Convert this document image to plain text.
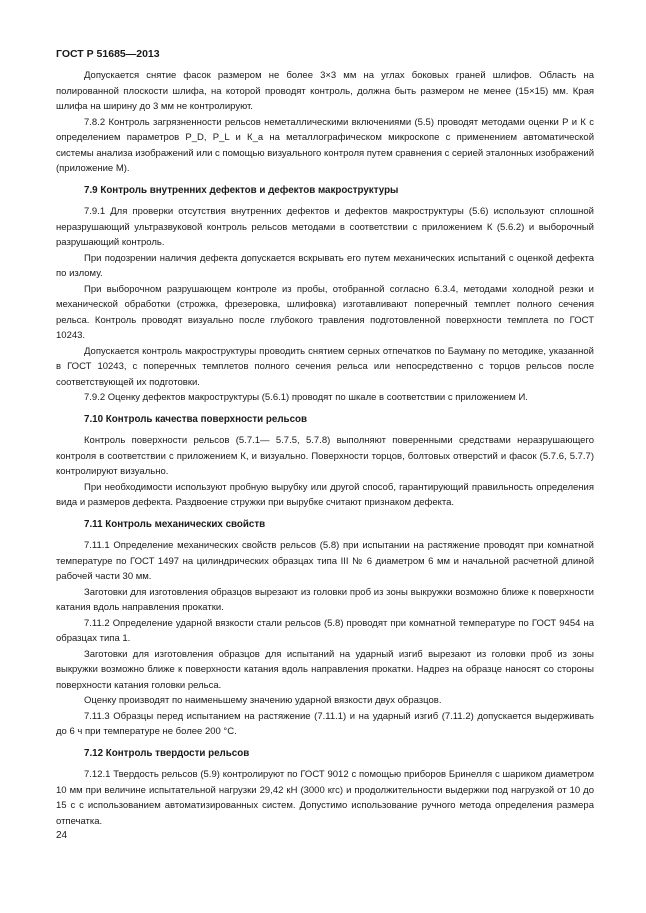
ГОСТ Р 51685—2013

Допускается снятие фасок размером не более 3×3 мм на углах боковых граней шлифов. Область на полированной плоскости шлифа, на которой проводят контроль, должна быть размером не менее (15×15) мм. Края шлифа на ширину до 3 мм не контролируют.

7.8.2 Контроль загрязненности рельсов неметаллическими включениями (5.5) проводят методами оценки Р и К с определением параметров Р_D, Р_L и К_a на металлографическом микроскопе с применением автоматической системы анализа изображений или с помощью визуального контроля путем сравнения с серией эталонных изображений (приложение М).

7.9 Контроль внутренних дефектов и дефектов макроструктуры

7.9.1 Для проверки отсутствия внутренних дефектов и дефектов макроструктуры (5.6) используют сплошной неразрушающий ультразвуковой контроль рельсов методами в соответствии с приложением К (5.6.2) и выборочный разрушающий контроль.

При подозрении наличия дефекта допускается вскрывать его путем механических испытаний с оценкой дефекта по излому.

При выборочном разрушающем контроле из пробы, отобранной согласно 6.3.4, методами холодной резки и механической обработки (строжка, фрезеровка, шлифовка) изготавливают поперечный темплет полного сечения рельса. Контроль проводят визуально после глубокого травления подготовленной поверхности темплета по ГОСТ 10243.

Допускается контроль макроструктуры проводить снятием серных отпечатков по Бауману по методике, указанной в ГОСТ 10243, с поперечных темплетов полного сечения рельса или непосредственно с торцов рельсов после соответствующей их подготовки.

7.9.2 Оценку дефектов макроструктуры (5.6.1) проводят по шкале в соответствии с приложением И.

7.10 Контроль качества поверхности рельсов

Контроль поверхности рельсов (5.7.1— 5.7.5, 5.7.8) выполняют поверенными средствами неразрушающего контроля в соответствии с приложением К, и визуально. Поверхности торцов, болтовых отверстий и фасок (5.7.6, 5.7.7) контролируют визуально.

При необходимости используют пробную вырубку или другой способ, гарантирующий правильность определения вида и размеров дефекта. Раздвоение стружки при вырубке считают признаком дефекта.

7.11 Контроль механических свойств

7.11.1 Определение механических свойств рельсов (5.8) при испытании на растяжение проводят при комнатной температуре по ГОСТ 1497 на цилиндрических образцах типа III № 6 диаметром 6 мм и начальной расчетной длиной рабочей части 30 мм.

Заготовки для изготовления образцов вырезают из головки проб из зоны выкружки возможно ближе к поверхности катания вдоль направления прокатки.

7.11.2 Определение ударной вязкости стали рельсов (5.8) проводят при комнатной температуре по ГОСТ 9454 на образцах типа 1.

Заготовки для изготовления образцов для испытаний на ударный изгиб вырезают из головки проб из зоны выкружки возможно ближе к поверхности катания вдоль направления прокатки. Надрез на образце наносят со стороны поверхности катания головки рельса.

Оценку производят по наименьшему значению ударной вязкости двух образцов.

7.11.3 Образцы перед испытанием на растяжение (7.11.1) и на ударный изгиб (7.11.2) допускается выдерживать до 6 ч при температуре не более 200 °С.

7.12 Контроль твердости рельсов

7.12.1 Твердость рельсов (5.9) контролируют по ГОСТ 9012 с помощью приборов Бринелля с шариком диаметром 10 мм при величине испытательной нагрузки 29,42 кН (3000 кгс) и продолжительности выдержки под нагрузкой от 10 до 15 с с использованием автоматизированных систем. Допустимо использование ручного метода определения размера отпечатка.

24
